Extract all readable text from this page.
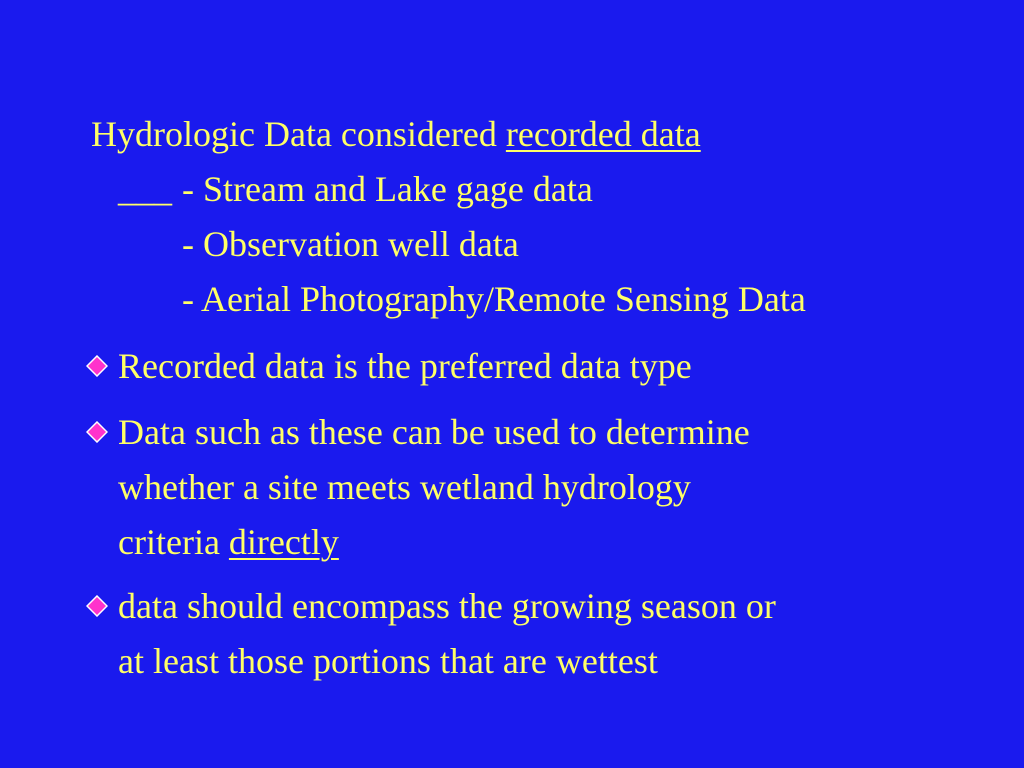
Hydrologic Data considered recorded data
___ - Stream and Lake gage data
- Observation well data
- Aerial Photography/Remote Sensing Data
Recorded data is the preferred data type
Data such as these can be used to determine
whether a site meets wetland hydrology
criteria directly
data should encompass the growing season or
at least those portions that are wettest
